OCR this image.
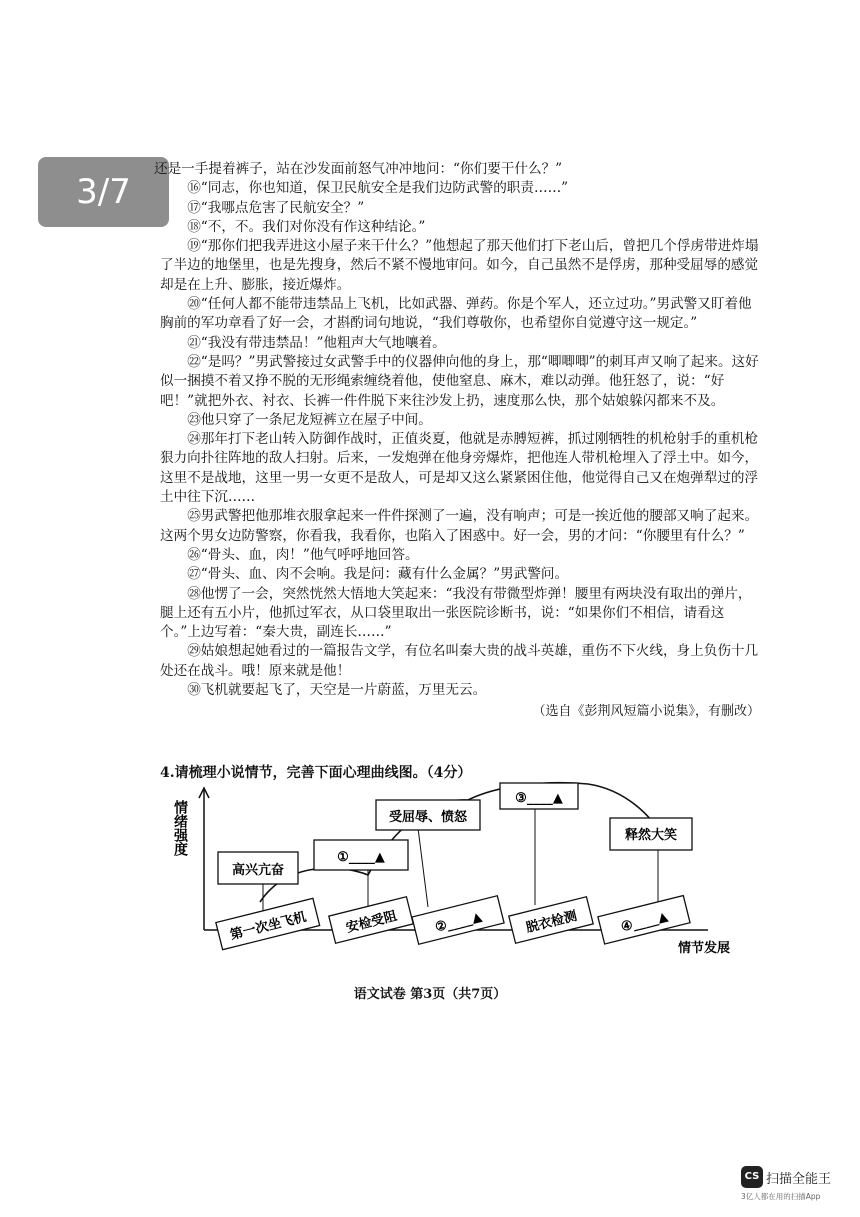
3/7

还是一手提着裤子，站在沙发面前怒气冲冲地问：“你们要干什么？”

⑯“同志，你也知道，保卫民航安全是我们边防武警的职责……”

⑰“我哪点危害了民航安全？”

⑱“不，不。我们对你没有作这种结论。”

⑲“那你们把我弄进这小屋子来干什么？”他想起了那天他们打下老山后，曾把几个俘虏带进炸塌了半边的地堡里，也是先搜身，然后不紧不慢地审问。如今，自己虽然不是俘虏，那种受屈辱的感觉却是在上升、膨胀，接近爆炸。

⑳“任何人都不能带违禁品上飞机，比如武器、弹药。你是个军人，还立过功。”男武警又盯着他胸前的军功章看了好一会，才斟酌词句地说，“我们尊敬你，也希望你自觉遵守这一规定。”

㉑“我没有带违禁品！”他粗声大气地嚷着。

㉒“是吗？”男武警接过女武警手中的仪器伸向他的身上，那“唧唧唧”的刺耳声又响了起来。这好似一捆摸不着又挣不脱的无形绳索缠绕着他，使他窒息、麻木，难以动弹。他狂怒了，说：“好吧！”就把外衣、衬衣、长裤一件件脱下来往沙发上扔，速度那么快，那个姑娘躲闪都来不及。

㉓他只穿了一条尼龙短裤立在屋子中间。

㉔那年打下老山转入防御作战时，正值炎夏，他就是赤膊短裤，抓过刚牺牲的机枪射手的重机枪狠力向扑往阵地的敌人扫射。后来，一发炮弹在他身旁爆炸，把他连人带机枪埋入了浮土中。如今，这里不是战地，这里一男一女更不是敌人，可是却又这么紧紧困住他，他觉得自己又在炮弹犁过的浮土中往下沉……

㉕男武警把他那堆衣服拿起来一件件探测了一遍，没有响声；可是一挨近他的腰部又响了起来。这两个男女边防警察，你看我，我看你，也陷入了困惑中。好一会，男的才问：“你腰里有什么？”

㉖“骨头、血，肉！”他气呼呼地回答。

㉗“骨头、血、肉不会响。我是问：藏有什么金属？”男武警问。

㉘他愣了一会，突然恍然大悟地大笑起来：“我没有带微型炸弹！腰里有两块没有取出的弹片，腿上还有五小片，他抓过军衣，从口袋里取出一张医院诊断书，说：“如果你们不相信，请看这个。”上边写着：“秦大贵，副连长……”

㉙姑娘想起她看过的一篇报告文学，有位名叫秦大贵的战斗英雄，重伤不下火线，身上负伤十几处还在战斗。哦！原来就是他！

㉚飞机就要起飞了，天空是一片蔚蓝，万里无云。

（选自《彭荆风短篇小说集》，有删改）

4.请梳理小说情节，完善下面心理曲线图。（4分）
情绪强度
高兴亢奋
①____▲
受屈辱、愤怒
③____▲
释然大笑
第一次坐飞机	安检受阻	②____▲	脱衣检测	④____▲
情节发展
语文试卷 第3页（共7页）
CS 扫描全能王
3亿人都在用的扫描App
